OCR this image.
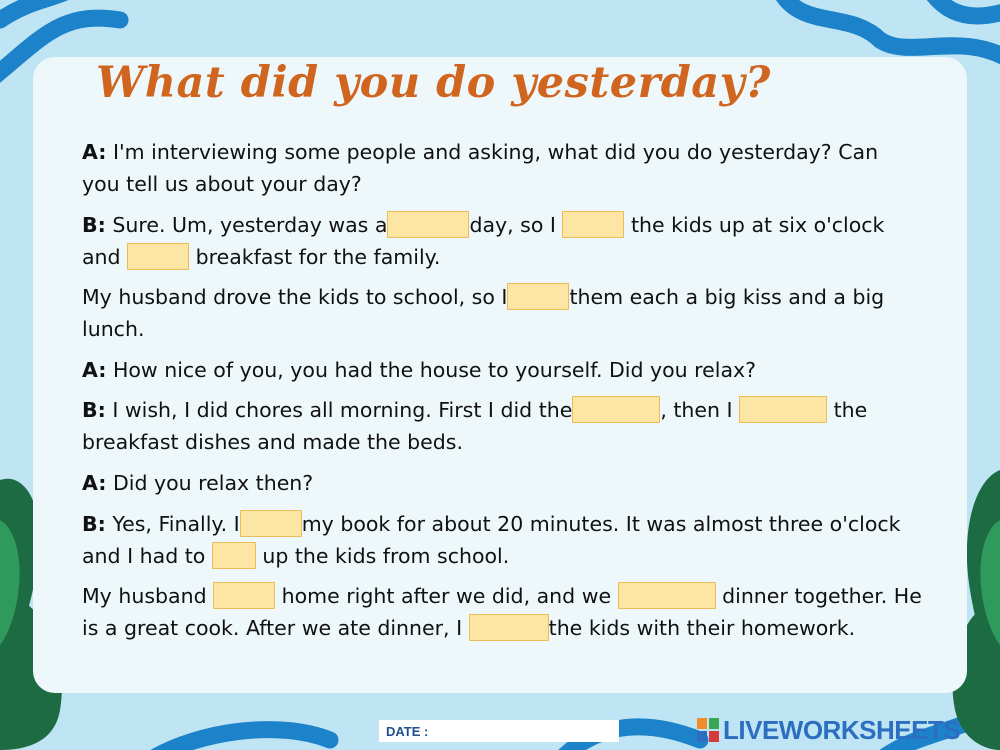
What did you do yesterday?

A: I'm interviewing some people and asking, what did you do yesterday? Can you tell us about your day?

B: Sure. Um, yesterday was a	day, so I	the kids up at six o'clock and	breakfast for the family.

My husband drove the kids to school, so I	them each a big kiss and a big lunch.

A: How nice of you, you had the house to yourself. Did you relax?

B: I wish, I did chores all morning. First I did the	, then I	the breakfast dishes and made the beds.

A: Did you relax then?

B: Yes, Finally. I	my book for about 20 minutes. It was almost three o'clock and I had to  up the kids from school.

My husband	home right after we did, and we	dinner together. He is a great cook. After we ate dinner, I	the kids with their homework.

DATE :	LIVEWORKSHEETS
